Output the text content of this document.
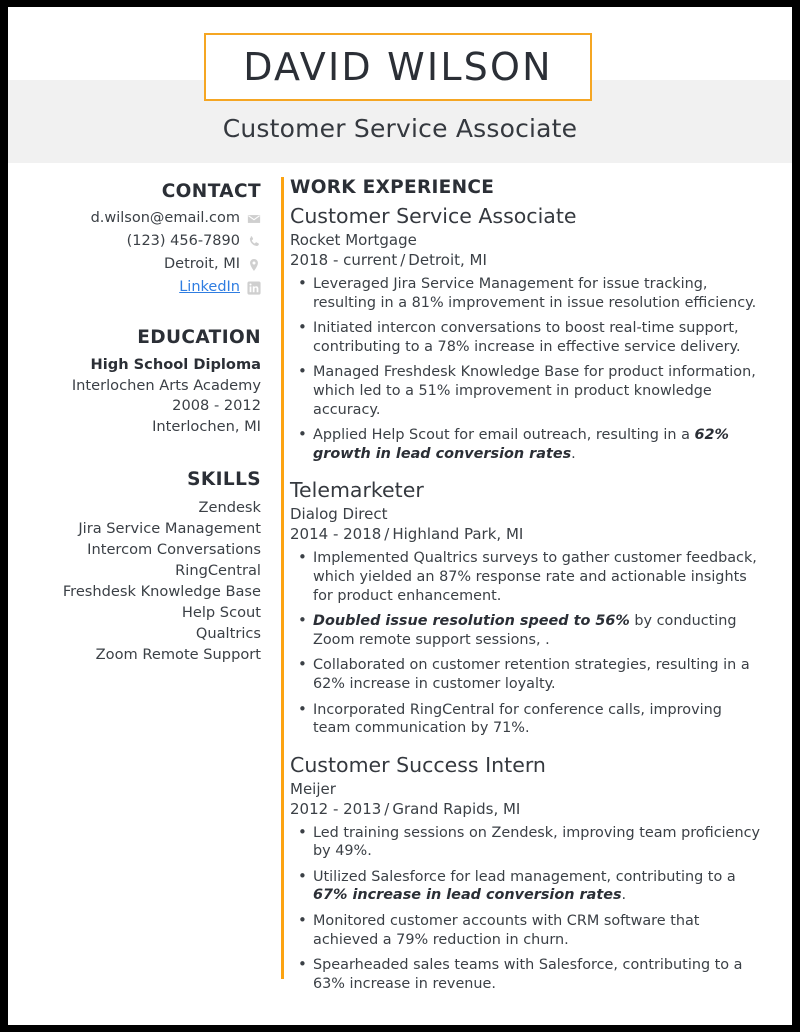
DAVID WILSON
Customer Service Associate
CONTACT
d.wilson@email.com
(123) 456-7890
Detroit, MI
LinkedIn
EDUCATION
High School Diploma
Interlochen Arts Academy
2008 - 2012
Interlochen, MI
SKILLS
Zendesk
Jira Service Management
Intercom Conversations
RingCentral
Freshdesk Knowledge Base
Help Scout
Qualtrics
Zoom Remote Support
WORK EXPERIENCE
Customer Service Associate
Rocket Mortgage
2018 - current / Detroit, MI
• Leveraged Jira Service Management for issue tracking, resulting in a 81% improvement in issue resolution efficiency.
• Initiated intercon conversations to boost real-time support, contributing to a 78% increase in effective service delivery.
• Managed Freshdesk Knowledge Base for product information, which led to a 51% improvement in product knowledge accuracy.
• Applied Help Scout for email outreach, resulting in a 62% growth in lead conversion rates.
Telemarketer
Dialog Direct
2014 - 2018 / Highland Park, MI
• Implemented Qualtrics surveys to gather customer feedback, which yielded an 87% response rate and actionable insights for product enhancement.
• Doubled issue resolution speed to 56% by conducting Zoom remote support sessions, .
• Collaborated on customer retention strategies, resulting in a 62% increase in customer loyalty.
• Incorporated RingCentral for conference calls, improving team communication by 71%.
Customer Success Intern
Meijer
2012 - 2013 / Grand Rapids, MI
• Led training sessions on Zendesk, improving team proficiency by 49%.
• Utilized Salesforce for lead management, contributing to a 67% increase in lead conversion rates.
• Monitored customer accounts with CRM software that achieved a 79% reduction in churn.
• Spearheaded sales teams with Salesforce, contributing to a 63% increase in revenue.
